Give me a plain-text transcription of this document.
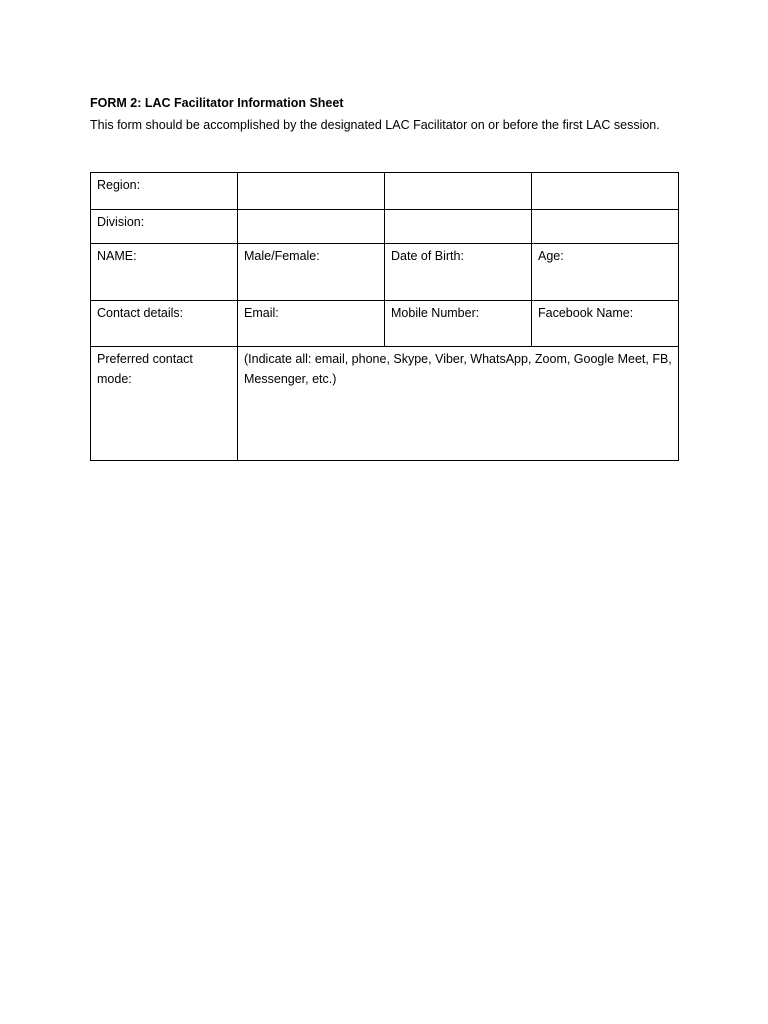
FORM 2: LAC Facilitator Information Sheet
This form should be accomplished by the designated LAC Facilitator on or before the first LAC session.
Region:			
Division:			
NAME:	Male/Female:	Date of Birth:	Age:
Contact details:	Email:	Mobile Number:	Facebook Name:
Preferred contact mode:	(Indicate all: email, phone, Skype, Viber, WhatsApp, Zoom, Google Meet, FB, Messenger, etc.)		
